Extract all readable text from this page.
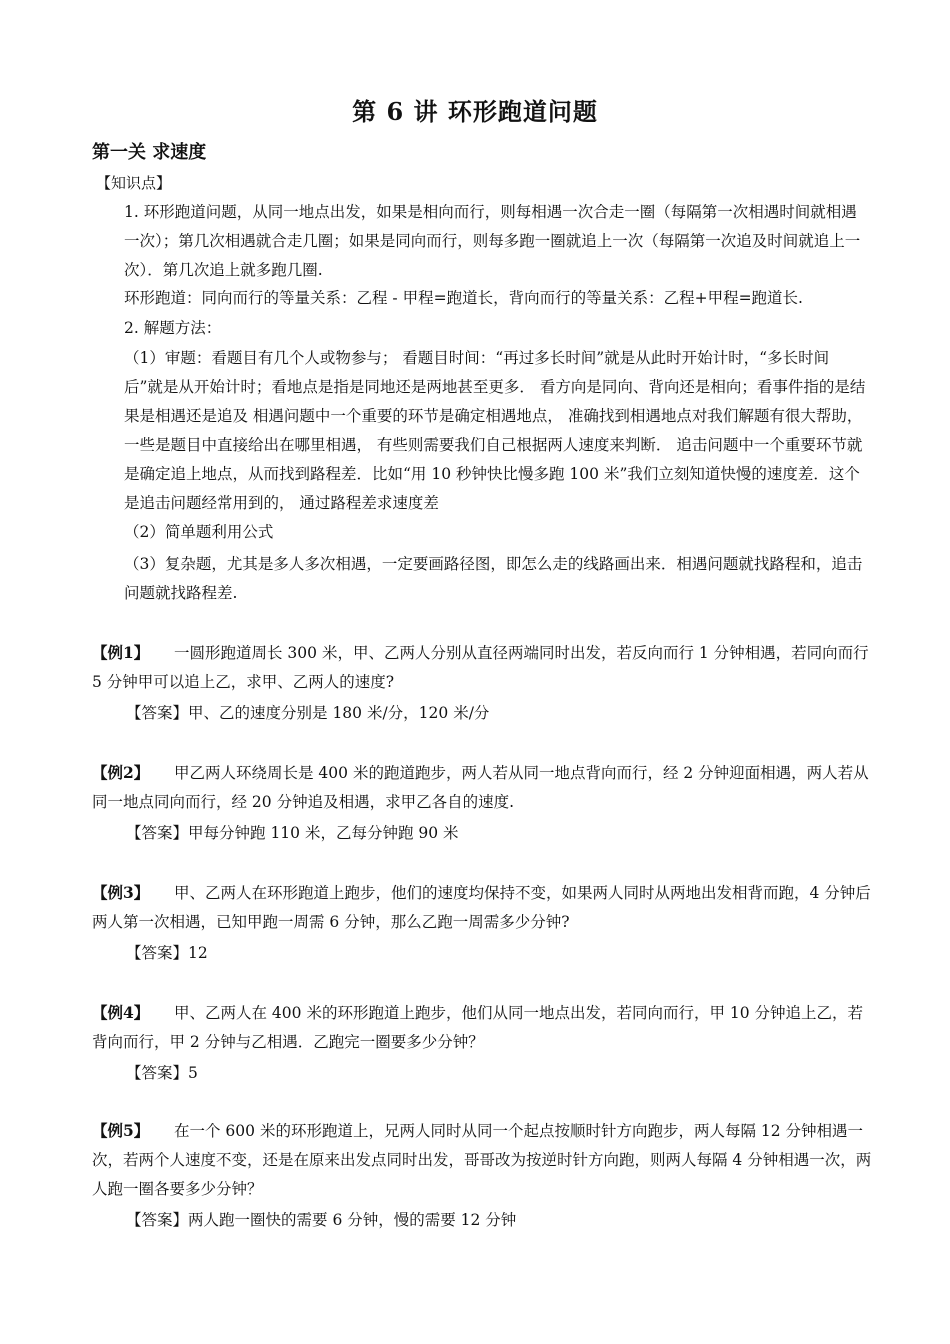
第 6 讲 环形跑道问题
第一关 求速度
【知识点】
1. 环形跑道问题，从同一地点出发，如果是相向而行，则每相遇一次合走一圈（每隔第一次相遇时间就相遇一次）；第几次相遇就合走几圈；如果是同向而行，则每多跑一圈就追上一次（每隔第一次追及时间就追上一次）．第几次追上就多跑几圈.
环形跑道：同向而行的等量关系：乙程 - 甲程=跑道长，背向而行的等量关系：乙程+甲程=跑道长.
2. 解题方法：
（1）审题：看题目有几个人或物参与； 看题目时间：“再过多长时间”就是从此时开始计时，“多长时间后”就是从开始计时；看地点是指是同地还是两地甚至更多． 看方向是同向、背向还是相向；看事件指的是结果是相遇还是追及 相遇问题中一个重要的环节是确定相遇地点， 准确找到相遇地点对我们解题有很大帮助， 一些是题目中直接给出在哪里相遇， 有些则需要我们自己根据两人速度来判断． 追击问题中一个重要环节就是确定追上地点，从而找到路程差．比如“用 10 秒钟快比慢多跑 100 米”我们立刻知道快慢的速度差．这个是追击问题经常用到的， 通过路程差求速度差
（2）简单题利用公式
（3）复杂题，尤其是多人多次相遇，一定要画路径图，即怎么走的线路画出来．相遇问题就找路程和，追击问题就找路程差.
【例1】 一圆形跑道周长 300 米，甲、乙两人分别从直径两端同时出发，若反向而行 1 分钟相遇，若同向而行 5 分钟甲可以追上乙，求甲、乙两人的速度?
【答案】甲、乙的速度分别是 180 米/分，120 米/分
【例2】 甲乙两人环绕周长是 400 米的跑道跑步，两人若从同一地点背向而行，经 2 分钟迎面相遇，两人若从同一地点同向而行，经 20 分钟追及相遇，求甲乙各自的速度.
【答案】甲每分钟跑 110 米，乙每分钟跑 90 米
【例3】 甲、乙两人在环形跑道上跑步，他们的速度均保持不变，如果两人同时从两地出发相背而跑，4 分钟后两人第一次相遇，已知甲跑一周需 6 分钟，那么乙跑一周需多少分钟?
【答案】12
【例4】 甲、乙两人在 400 米的环形跑道上跑步，他们从同一地点出发，若同向而行，甲 10 分钟追上乙，若背向而行，甲 2 分钟与乙相遇．乙跑完一圈要多少分钟？
【答案】5
【例5】 在一个 600 米的环形跑道上，兄两人同时从同一个起点按顺时针方向跑步，两人每隔 12 分钟相遇一次，若两个人速度不变，还是在原来出发点同时出发，哥哥改为按逆时针方向跑，则两人每隔 4 分钟相遇一次，两人跑一圈各要多少分钟？
【答案】两人跑一圈快的需要 6 分钟，慢的需要 12 分钟
